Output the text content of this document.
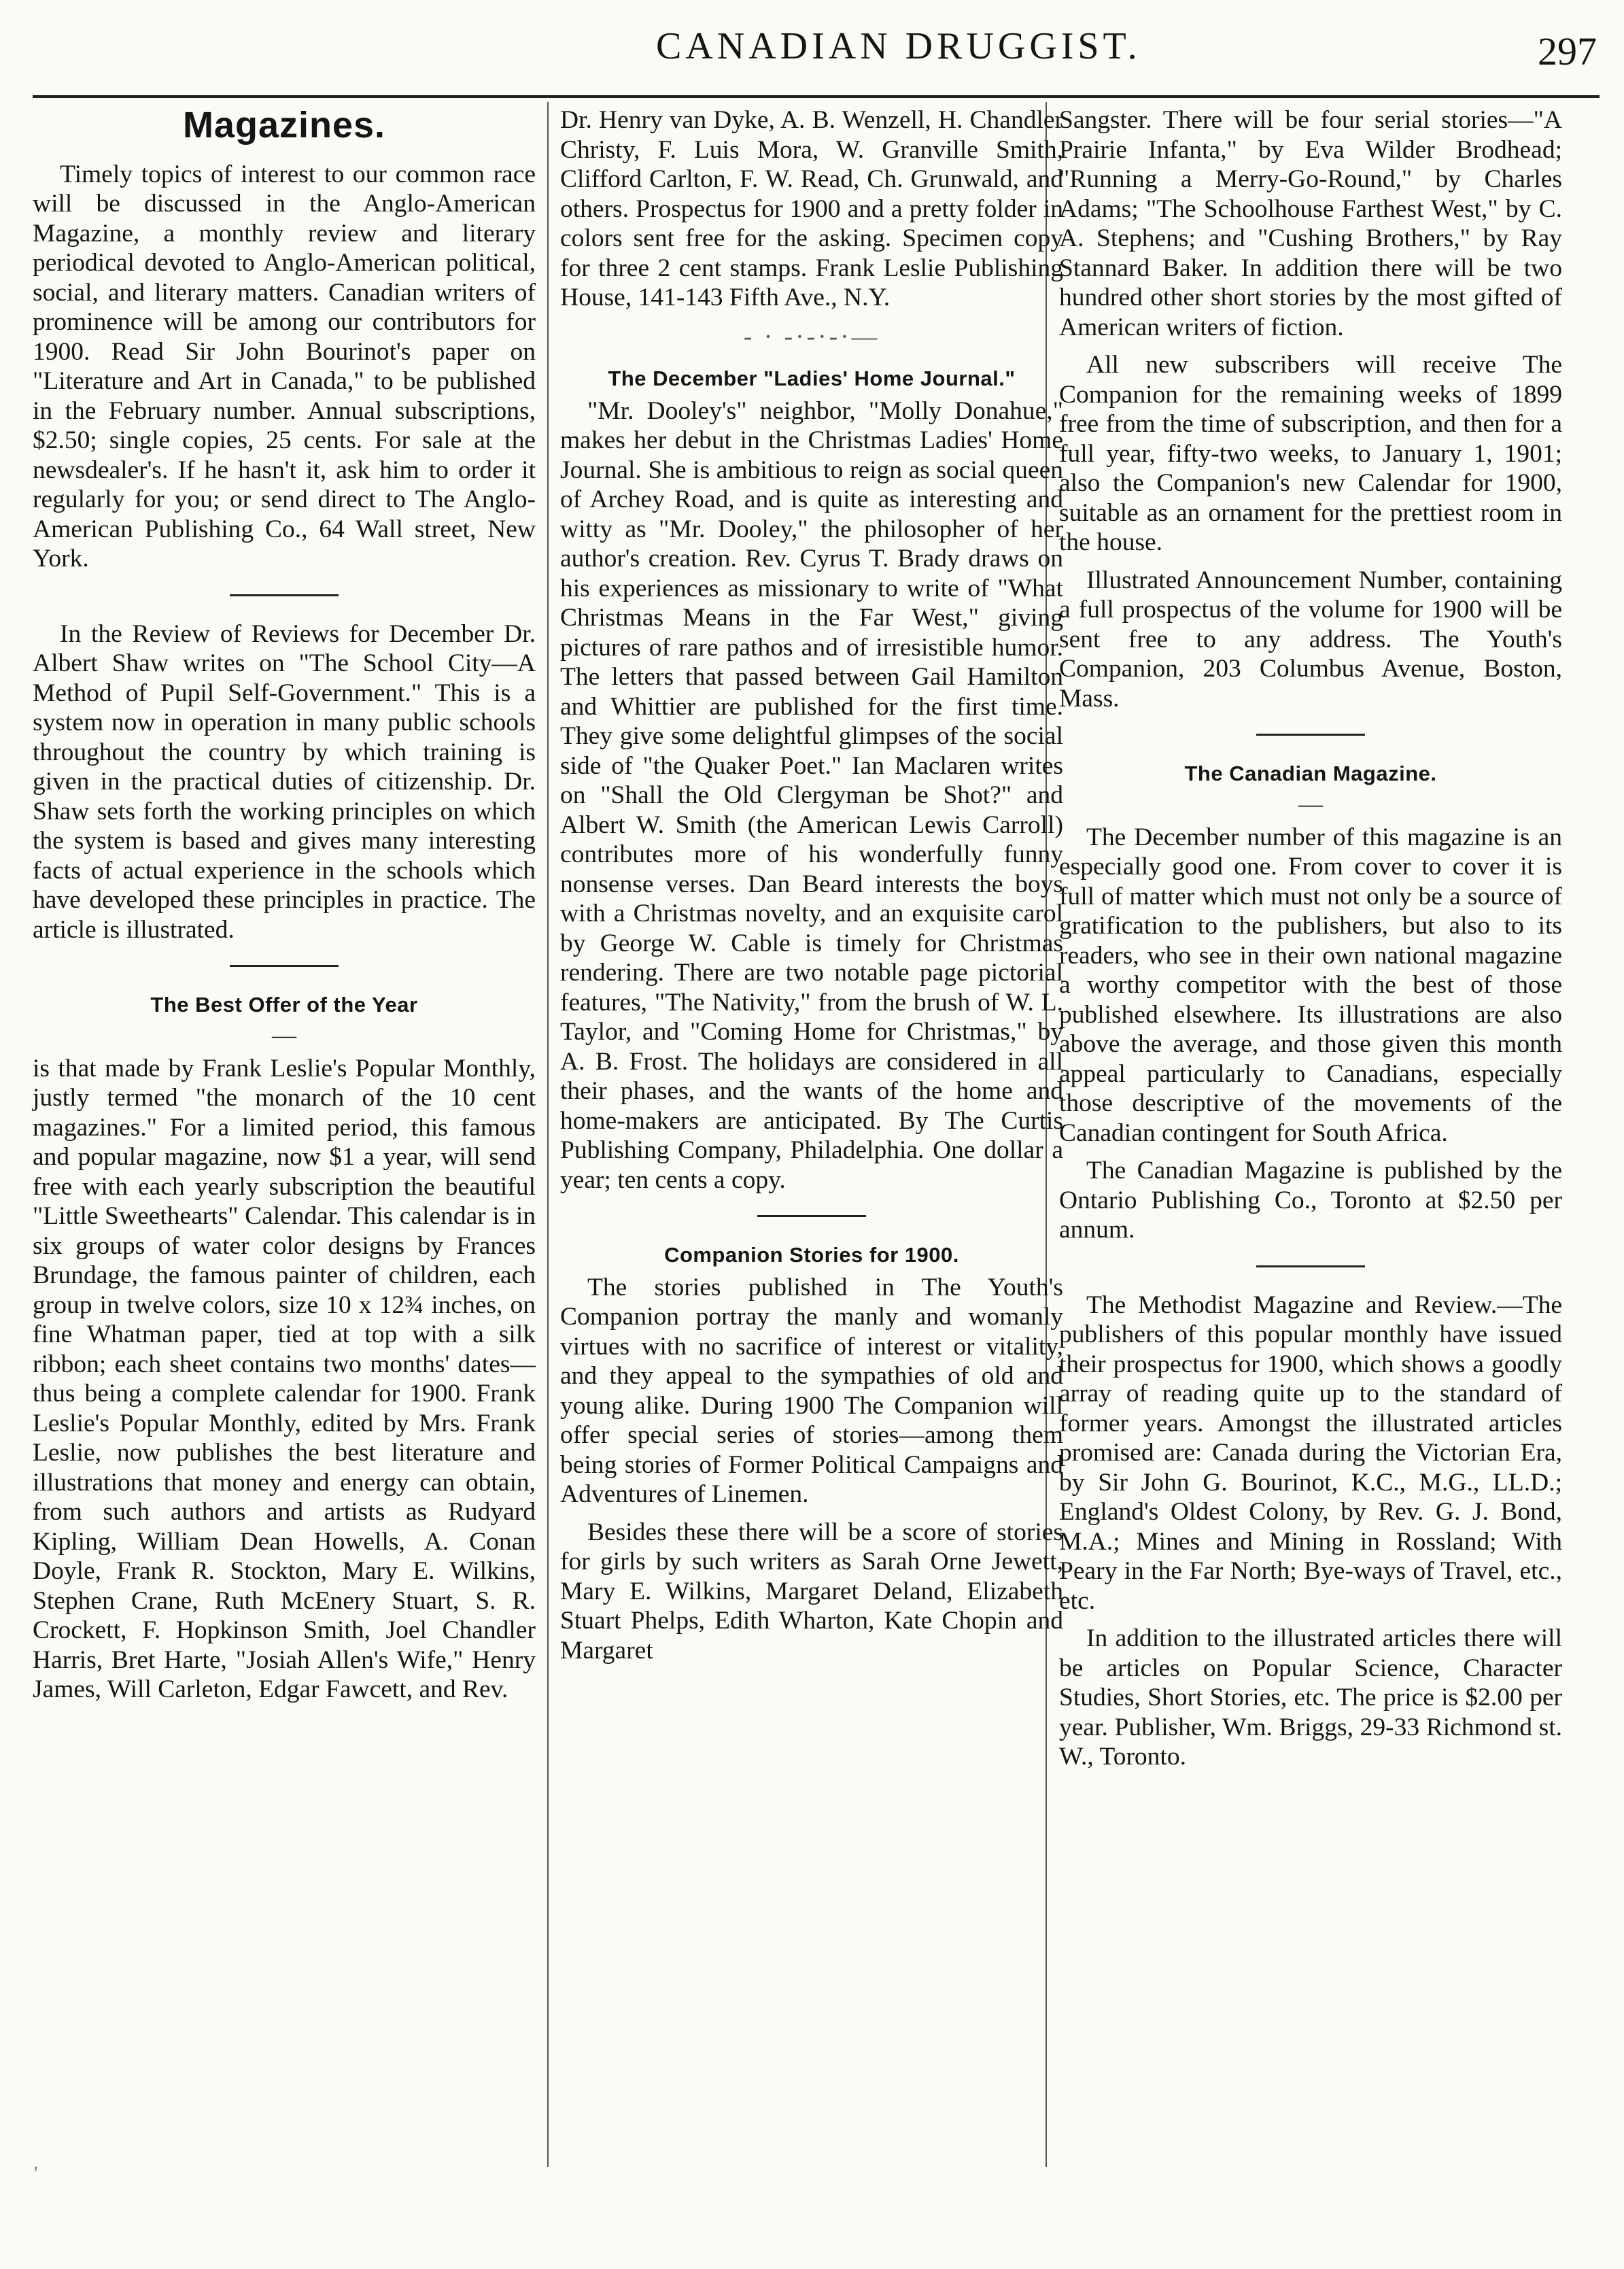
CANADIAN DRUGGIST.	297
Magazines.

Timely topics of interest to our common race will be discussed in the Anglo-American Magazine, a monthly review and literary periodical devoted to Anglo-American political, social, and literary matters. Canadian writers of prominence will be among our contributors for 1900. Read Sir John Bourinot's paper on "Literature and Art in Canada," to be published in the February number. Annual subscriptions, $2.50; single copies, 25 cents. For sale at the newsdealer's. If he hasn't it, ask him to order it regularly for you; or send direct to The Anglo-American Publishing Co., 64 Wall street, New York.

In the Review of Reviews for December Dr. Albert Shaw writes on "The School City—A Method of Pupil Self-Government." This is a system now in operation in many public schools throughout the country by which training is given in the practical duties of citizenship. Dr. Shaw sets forth the working principles on which the system is based and gives many interesting facts of actual experience in the schools which have developed these principles in practice. The article is illustrated.

The Best Offer of the Year
—

is that made by Frank Leslie's Popular Monthly, justly termed "the monarch of the 10 cent magazines." For a limited period, this famous and popular magazine, now $1 a year, will send free with each yearly subscription the beautiful "Little Sweethearts" Calendar. This calendar is in six groups of water color designs by Frances Brundage, the famous painter of children, each group in twelve colors, size 10 x 12¾ inches, on fine Whatman paper, tied at top with a silk ribbon; each sheet contains two months' dates—thus being a complete calendar for 1900. Frank Leslie's Popular Monthly, edited by Mrs. Frank Leslie, now publishes the best literature and illustrations that money and energy can obtain, from such authors and artists as Rudyard Kipling, William Dean Howells, A. Conan Doyle, Frank R. Stockton, Mary E. Wilkins, Stephen Crane, Ruth McEnery Stuart, S. R. Crockett, F. Hopkinson Smith, Joel Chandler Harris, Bret Harte, "Josiah Allen's Wife," Henry James, Will Carleton, Edgar Fawcett, and Rev.

Dr. Henry van Dyke, A. B. Wenzell, H. Chandler Christy, F. Luis Mora, W. Granville Smith, Clifford Carlton, F. W. Read, Ch. Grunwald, and others. Prospectus for 1900 and a pretty folder in colors sent free for the asking. Specimen copy for three 2 cent stamps. Frank Leslie Publishing House, 141-143 Fifth Ave., N.Y.

- · -·-·-·—
The December "Ladies' Home Journal."

"Mr. Dooley's" neighbor, "Molly Donahue," makes her debut in the Christmas Ladies' Home Journal. She is ambitious to reign as social queen of Archey Road, and is quite as interesting and witty as "Mr. Dooley," the philosopher of her author's creation. Rev. Cyrus T. Brady draws on his experiences as missionary to write of "What Christmas Means in the Far West," giving pictures of rare pathos and of irresistible humor. The letters that passed between Gail Hamilton and Whittier are published for the first time. They give some delightful glimpses of the social side of "the Quaker Poet." Ian Maclaren writes on "Shall the Old Clergyman be Shot?" and Albert W. Smith (the American Lewis Carroll) contributes more of his wonderfully funny nonsense verses. Dan Beard interests the boys with a Christmas novelty, and an exquisite carol by George W. Cable is timely for Christmas rendering. There are two notable page pictorial features, "The Nativity," from the brush of W. L. Taylor, and "Coming Home for Christmas," by A. B. Frost. The holidays are considered in all their phases, and the wants of the home and home-makers are anticipated. By The Curtis Publishing Company, Philadelphia. One dollar a year; ten cents a copy.

Companion Stories for 1900.

The stories published in The Youth's Companion portray the manly and womanly virtues with no sacrifice of interest or vitality, and they appeal to the sympathies of old and young alike. During 1900 The Companion will offer special series of stories—among them being stories of Former Political Campaigns and Adventures of Linemen.

Besides these there will be a score of stories for girls by such writers as Sarah Orne Jewett, Mary E. Wilkins, Margaret Deland, Elizabeth Stuart Phelps, Edith Wharton, Kate Chopin and Margaret

Sangster. There will be four serial stories—"A Prairie Infanta," by Eva Wilder Brodhead; "Running a Merry-Go-Round," by Charles Adams; "The Schoolhouse Farthest West," by C. A. Stephens; and "Cushing Brothers," by Ray Stannard Baker. In addition there will be two hundred other short stories by the most gifted of American writers of fiction.

All new subscribers will receive The Companion for the remaining weeks of 1899 free from the time of subscription, and then for a full year, fifty-two weeks, to January 1, 1901; also the Companion's new Calendar for 1900, suitable as an ornament for the prettiest room in the house.

Illustrated Announcement Number, containing a full prospectus of the volume for 1900 will be sent free to any address. The Youth's Companion, 203 Columbus Avenue, Boston, Mass.

The Canadian Magazine.
—

The December number of this magazine is an especially good one. From cover to cover it is full of matter which must not only be a source of gratification to the publishers, but also to its readers, who see in their own national magazine a worthy competitor with the best of those published elsewhere. Its illustrations are also above the average, and those given this month appeal particularly to Canadians, especially those descriptive of the movements of the Canadian contingent for South Africa.

The Canadian Magazine is published by the Ontario Publishing Co., Toronto at $2.50 per annum.

The Methodist Magazine and Review.—The publishers of this popular monthly have issued their prospectus for 1900, which shows a goodly array of reading quite up to the standard of former years. Amongst the illustrated articles promised are: Canada during the Victorian Era, by Sir John G. Bourinot, K.C., M.G., LL.D.; England's Oldest Colony, by Rev. G. J. Bond, M.A.; Mines and Mining in Rossland; With Peary in the Far North; Bye-ways of Travel, etc., etc.

In addition to the illustrated articles there will be articles on Popular Science, Character Studies, Short Stories, etc. The price is $2.00 per year. Publisher, Wm. Briggs, 29-33 Richmond st. W., Toronto.

'
